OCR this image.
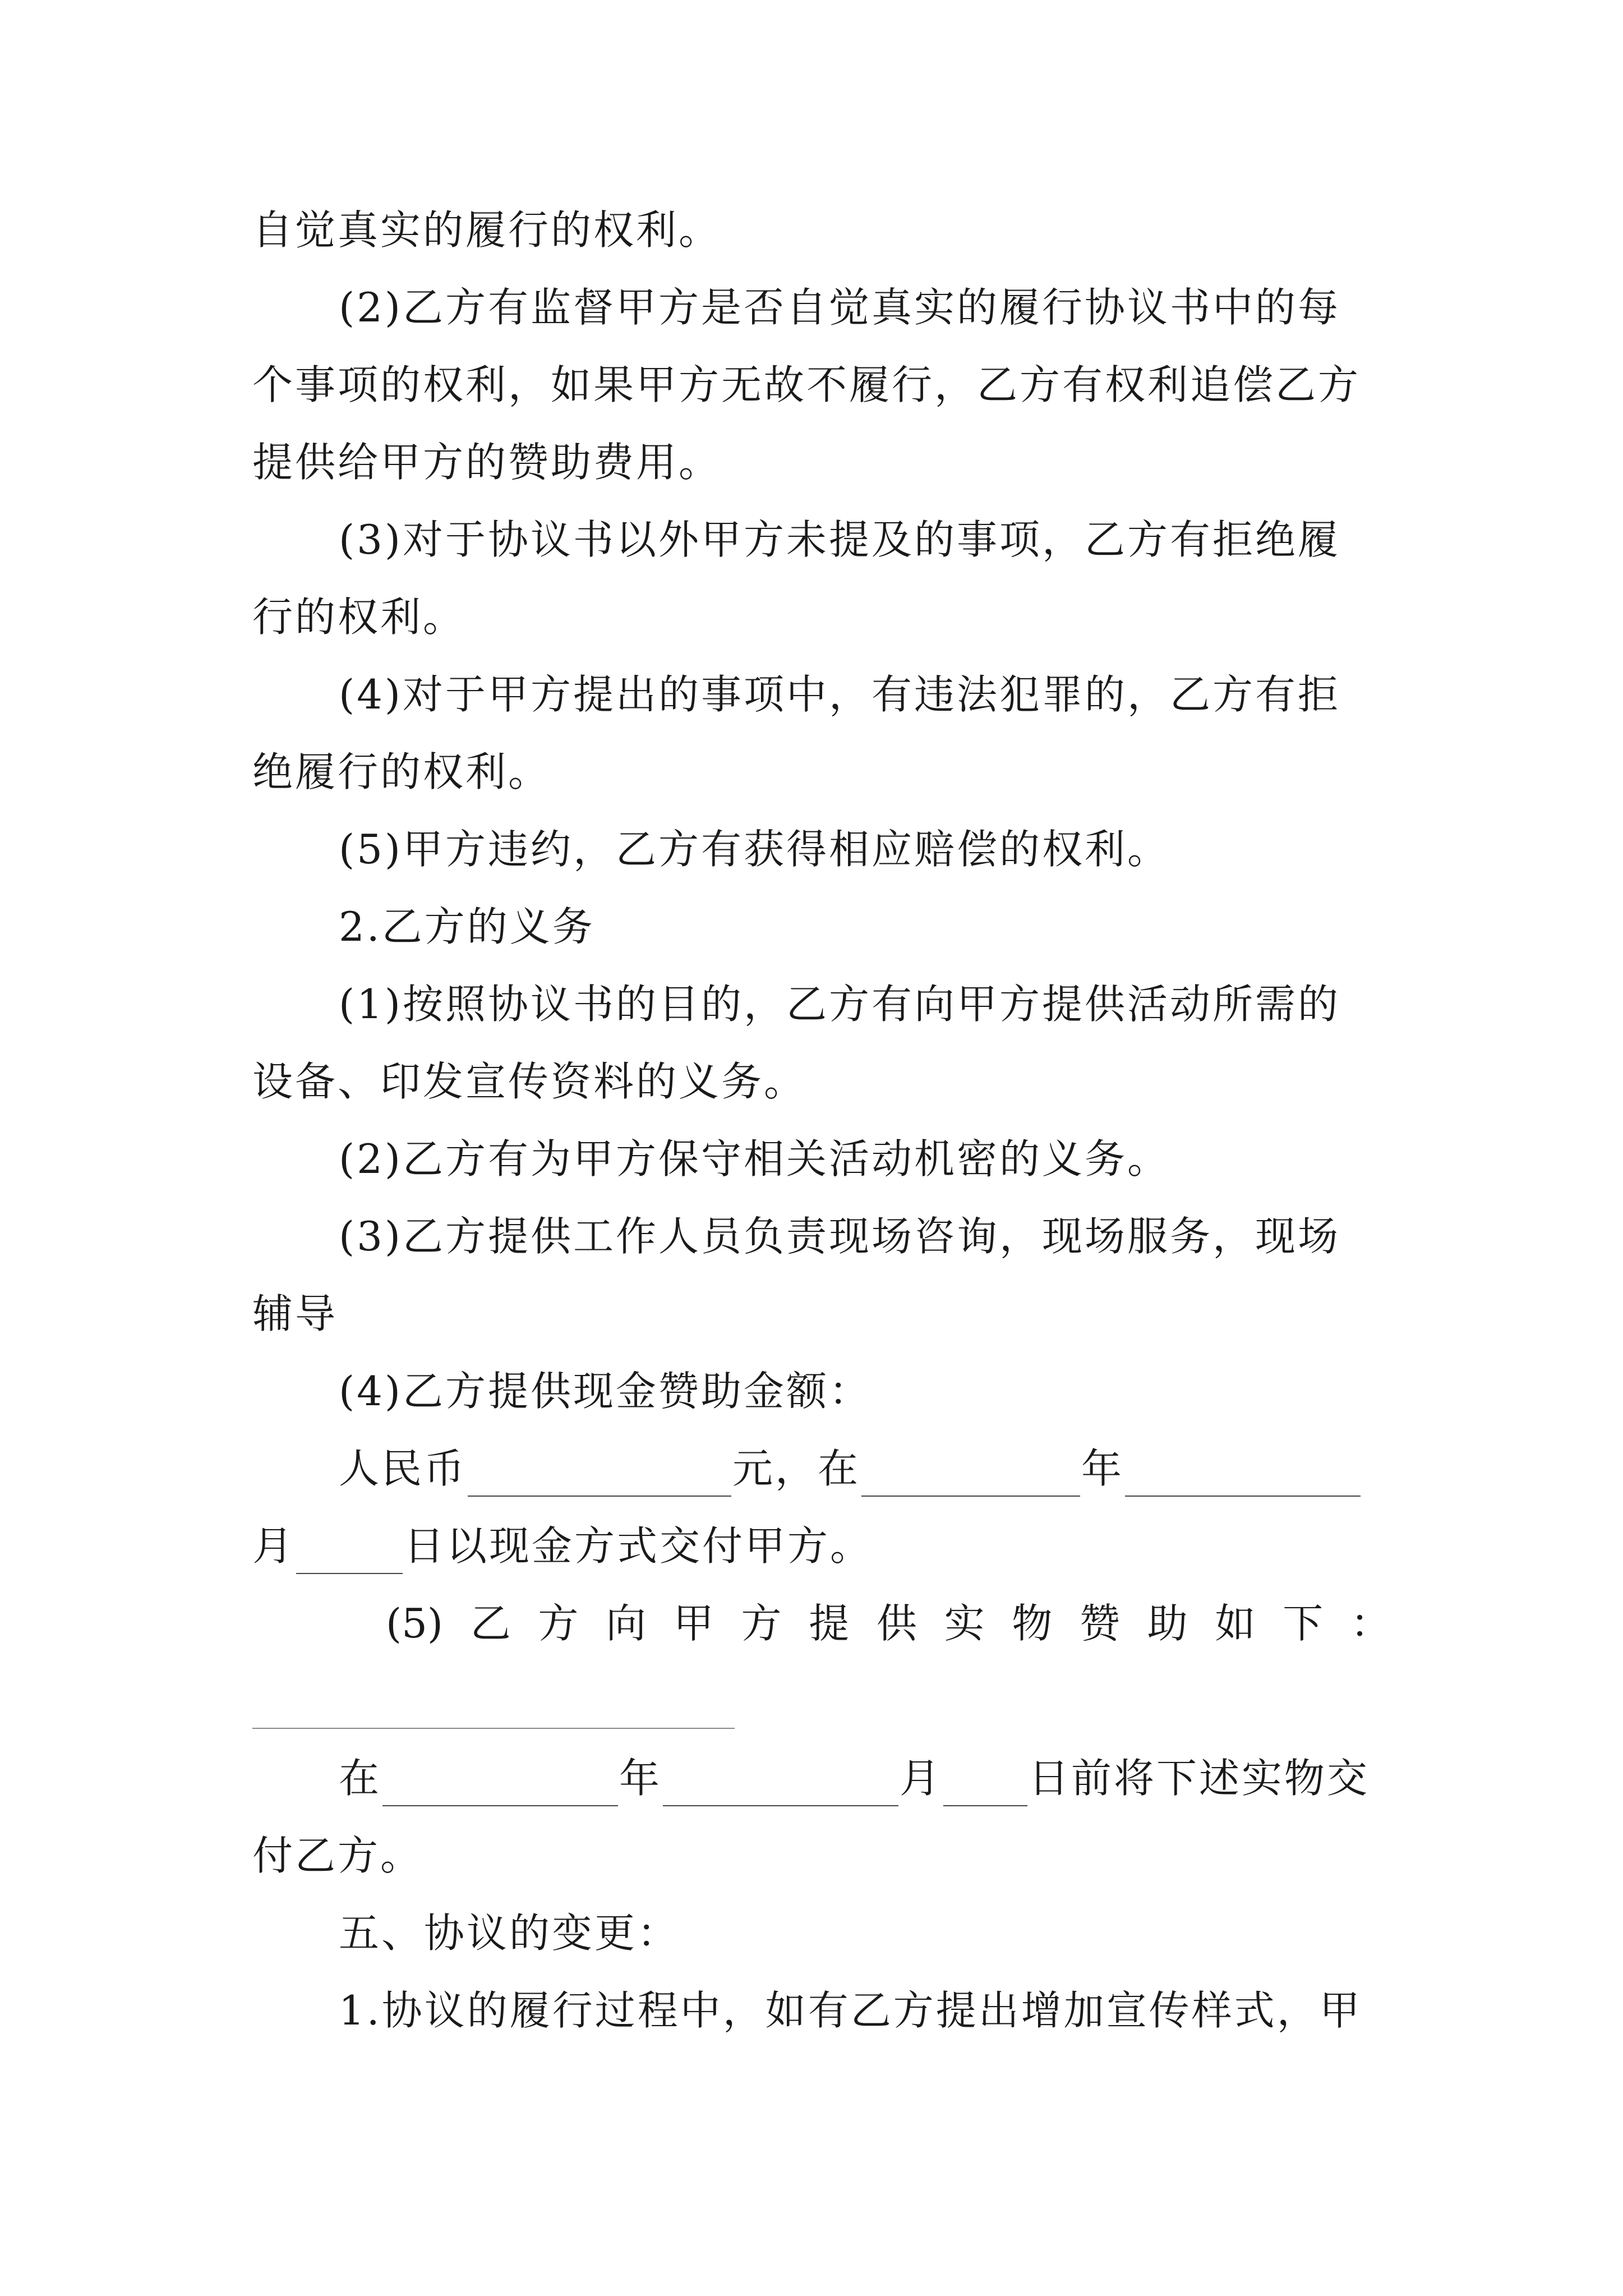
自觉真实的履行的权利。
(2)乙方有监督甲方是否自觉真实的履行协议书中的每
个事项的权利，如果甲方无故不履行，乙方有权利追偿乙方
提供给甲方的赞助费用。
(3)对于协议书以外甲方未提及的事项，乙方有拒绝履
行的权利。
(4)对于甲方提出的事项中，有违法犯罪的，乙方有拒
绝履行的权利。
(5)甲方违约，乙方有获得相应赔偿的权利。
2.乙方的义务
(1)按照协议书的目的，乙方有向甲方提供活动所需的
设备、印发宣传资料的义务。
(2)乙方有为甲方保守相关活动机密的义务。
(3)乙方提供工作人员负责现场咨询，现场服务，现场
辅导
(4)乙方提供现金赞助金额：
人民币	元，在	年
月	日以现金方式交付甲方。
(5) 乙 方 向 甲 方 提 供 实 物 赞 助 如 下 ：
在	年	月 日前将下述实物交
付乙方。
五、协议的变更：
1.协议的履行过程中，如有乙方提出增加宣传样式，甲
